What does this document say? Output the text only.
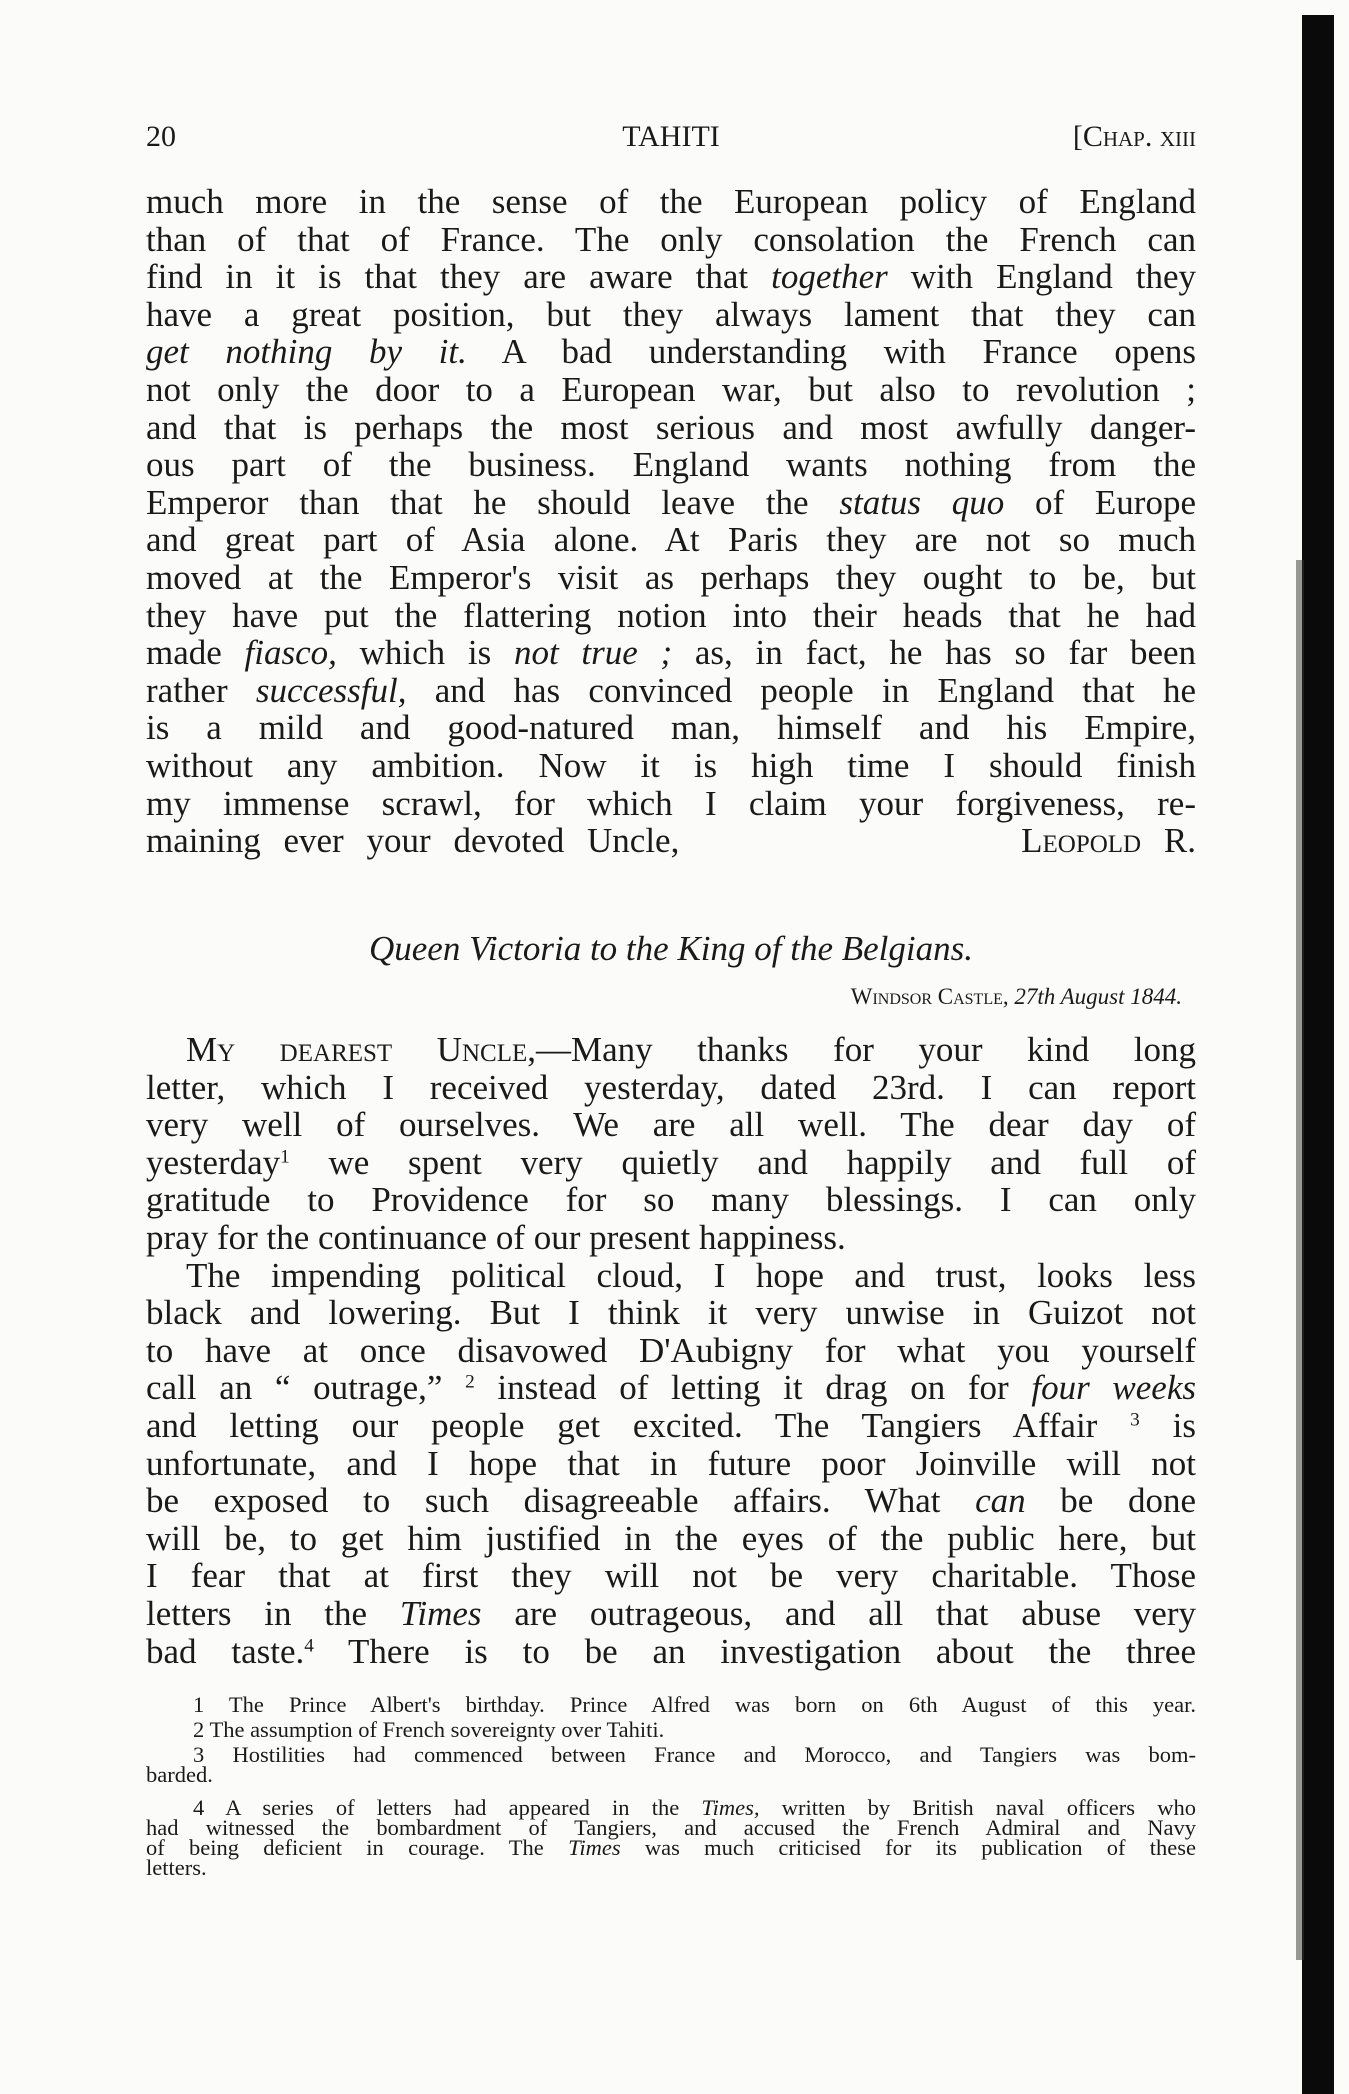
20	TAHITI	[Chap. xiii
much more in the sense of the European policy of England
than of that of France. The only consolation the French can
find in it is that they are aware that together with England they
have a great position, but they always lament that they can
get nothing by it. A bad understanding with France opens
not only the door to a European war, but also to revolution ;
and that is perhaps the most serious and most awfully danger-
ous part of the business. England wants nothing from the
Emperor than that he should leave the status quo of Europe
and great part of Asia alone. At Paris they are not so much
moved at the Emperor's visit as perhaps they ought to be, but
they have put the flattering notion into their heads that he had
made fiasco, which is not true ; as, in fact, he has so far been
rather successful, and has convinced people in England that he
is a mild and good-natured man, himself and his Empire,
without any ambition. Now it is high time I should finish
my immense scrawl, for which I claim your forgiveness, re-
maining ever your devoted Uncle,	Leopold R.
Queen Victoria to the King of the Belgians.
Windsor Castle, 27th August 1844.
My dearest Uncle,—Many thanks for your kind long
letter, which I received yesterday, dated 23rd. I can report
very well of ourselves. We are all well. The dear day of
yesterday$^1$ we spent very quietly and happily and full of
gratitude to Providence for so many blessings. I can only
pray for the continuance of our present happiness.
The impending political cloud, I hope and trust, looks less
black and lowering. But I think it very unwise in Guizot not
to have at once disavowed D'Aubigny for what you yourself
call an “ outrage,” $^2$ instead of letting it drag on for four weeks
and letting our people get excited. The Tangiers Affair $^3$ is
unfortunate, and I hope that in future poor Joinville will not
be exposed to such disagreeable affairs. What can be done
will be, to get him justified in the eyes of the public here, but
I fear that at first they will not be very charitable. Those
letters in the Times are outrageous, and all that abuse very
bad taste.$^4$ There is to be an investigation about the three
1 The Prince Albert's birthday. Prince Alfred was born on 6th August of this year.
2 The assumption of French sovereignty over Tahiti.
3 Hostilities had commenced between France and Morocco, and Tangiers was bom-
barded.
4 A series of letters had appeared in the Times, written by British naval officers who
had witnessed the bombardment of Tangiers, and accused the French Admiral and Navy
of being deficient in courage. The Times was much criticised for its publication of these
letters.
